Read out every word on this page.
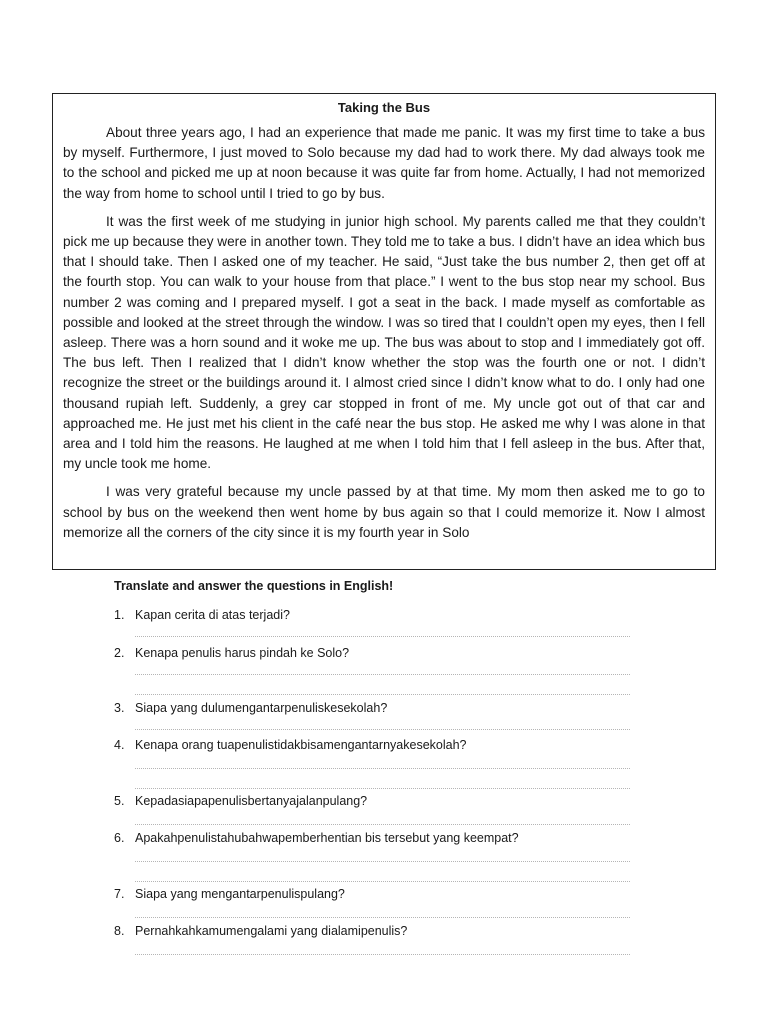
Taking the Bus

About three years ago, I had an experience that made me panic. It was my first time to take a bus by myself. Furthermore, I just moved to Solo because my dad had to work there. My dad always took me to the school and picked me up at noon because it was quite far from home. Actually, I had not memorized the way from home to school until I tried to go by bus.

It was the first week of me studying in junior high school. My parents called me that they couldn’t pick me up because they were in another town. They told me to take a bus. I didn’t have an idea which bus that I should take. Then I asked one of my teacher. He said, “Just take the bus number 2, then get off at the fourth stop. You can walk to your house from that place.” I went to the bus stop near my school. Bus number 2 was coming and I prepared myself. I got a seat in the back. I made myself as comfortable as possible and looked at the street through the window. I was so tired that I couldn’t open my eyes, then I fell asleep. There was a horn sound and it woke me up. The bus was about to stop and I immediately got off. The bus left. Then I realized that I didn’t know whether the stop was the fourth one or not. I didn’t recognize the street or the buildings around it. I almost cried since I didn’t know what to do. I only had one thousand rupiah left. Suddenly, a grey car stopped in front of me. My uncle got out of that car and approached me. He just met his client in the café near the bus stop. He asked me why I was alone in that area and I told him the reasons. He laughed at me when I told him that I fell asleep in the bus. After that, my uncle took me home.

I was very grateful because my uncle passed by at that time. My mom then asked me to go to school by bus on the weekend then went home by bus again so that I could memorize it. Now I almost memorize all the corners of the city since it is my fourth year in Solo

Translate and answer the questions in English!
1. Kapan cerita di atas terjadi?
2. Kenapa penulis harus pindah ke Solo?
3. Siapa yang dulumengantarpenuliskesekolah?
4. Kenapa orang tuapenulistidakbisamengantarnyakesekolah?
5. Kepadasiapapenulisbertanyajalanpulang?
6. Apakahpenulistahubahwapemberhentian bis tersebut yang keempat?
7. Siapa yang mengantarpenulispulang?
8. Pernahkahkamumengalami yang dialamipenulis?
